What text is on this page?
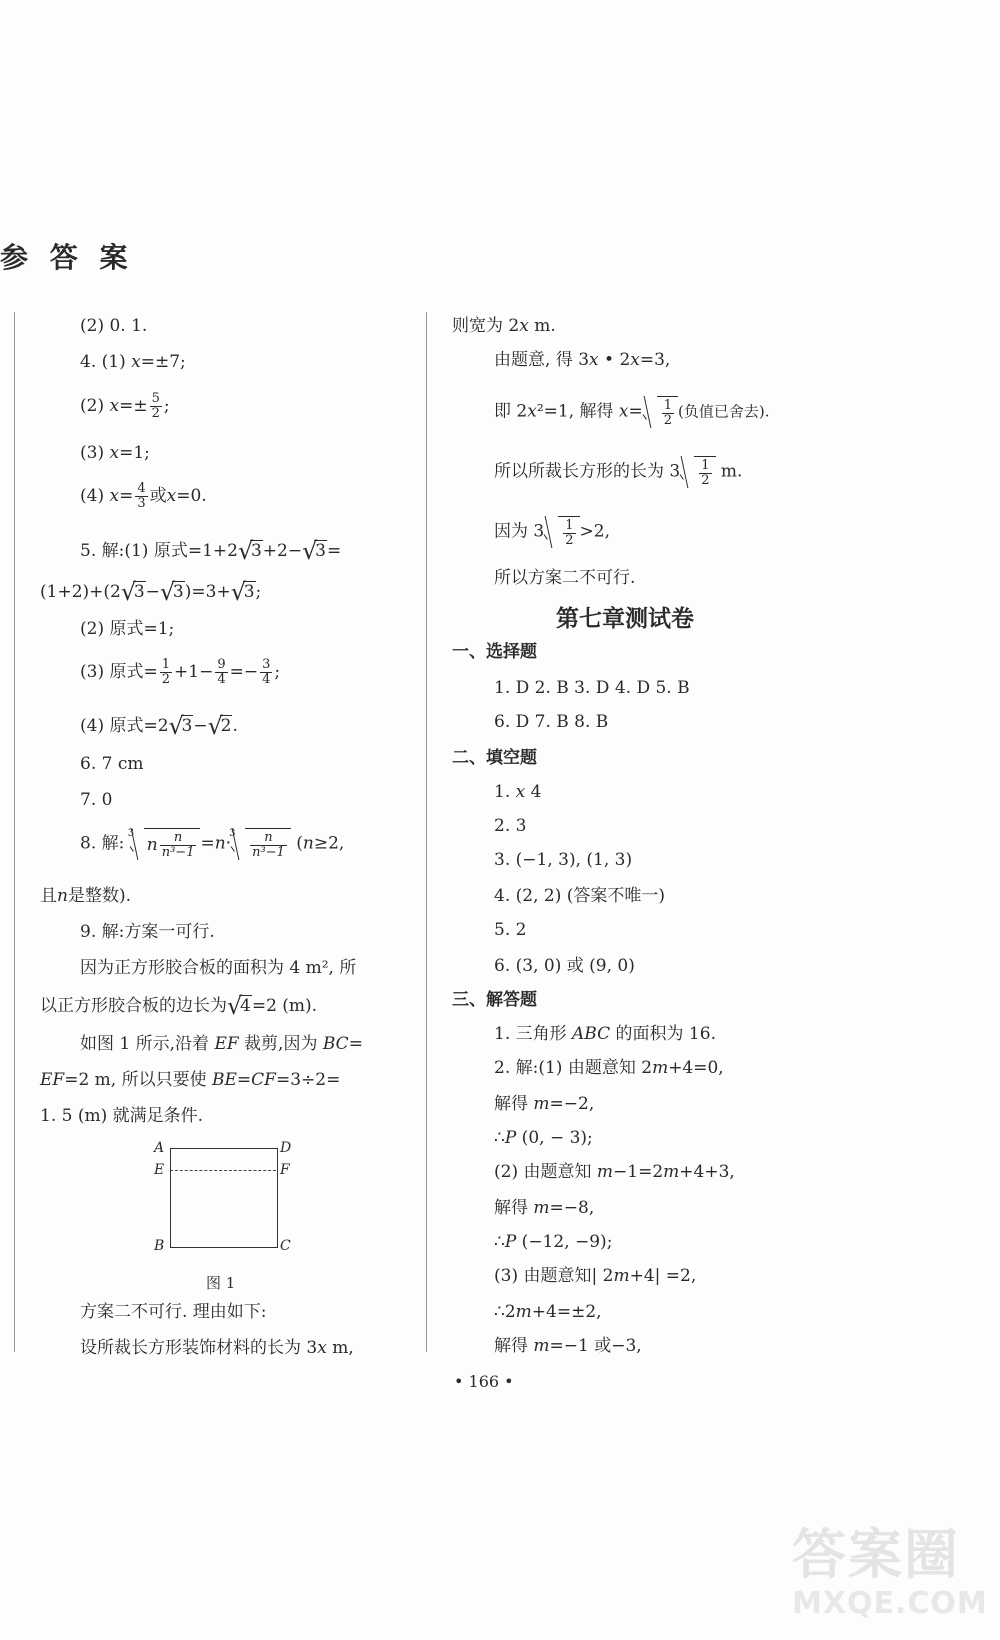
参 答 案
(2) 0. 1.
4. (1) x=±7;
(2) $x=\pm \frac{5}{2}$ ;
(3) x=1;
(4) $x= \frac{4}{3}$ 或x=0.
5. 解:(1) 原式=1+2 √ 3+2− √ 3=
(1+2)+(2 √ 3− √ 3)=3+ √ 3;
(2) 原式=1;
(3) 原式= $\frac{1}{2} +1- \frac{9}{4} =- \frac{3}{4}$ ;
(4) 原式=2 √ 3− √ 2.
6. 7 cm
7. 0
8. 解: 3
n $\frac{n}{\text{n³−1}} =n\cdot$
$3 \frac{n}{\text{n³−1}} (n\ge 2$,
且n是整数).
9. 解:方案一可行.
因为正方形胶合板的面积为 4 m², 所
以正方形胶合板的边长为 √ 4=2 (m).
如图 1 所示,沿着 EF 裁剪,因为 BC=
EF=2 m, 所以只要使 BE=CF=3÷2=
1. 5 (m) 就满足条件.
A	D
E	F
B	C
图 1
方案二不可行. 理由如下:
设所裁长方形装饰材料的长为 3x m,
则宽为 2x m.
由题意, 得 3x • 2x=3,
即 2x²=1, 解得 $x= \frac{1}{2}$ (负值已舍去).
所以所裁长方形的长为 $3 \frac{1}{2} m$.
因为 $3 \frac{1}{2} >2$,
所以方案二不可行.
第七章测试卷
一、选择题
1. D 2. B 3. D 4. D 5. B
6. D 7. B 8. B
二、填空题
1. x 4
2. 3
3. (−1, 3), (1, 3)
4. (2, 2) (答案不唯一)
5. 2
6. (3, 0) 或 (9, 0)
三、解答题
1. 三角形 ABC 的面积为 16.
2. 解:(1) 由题意知 2m+4=0,
解得 m=−2,
∴P (0, − 3);
(2) 由题意知 m−1=2m+4+3,
解得 m=−8,
∴P (−12, −9);
(3) 由题意知| 2m+4| =2,
∴2m+4=±2,
解得 m=−1 或−3,
• 166 •
答案圈
MXQE.COM
